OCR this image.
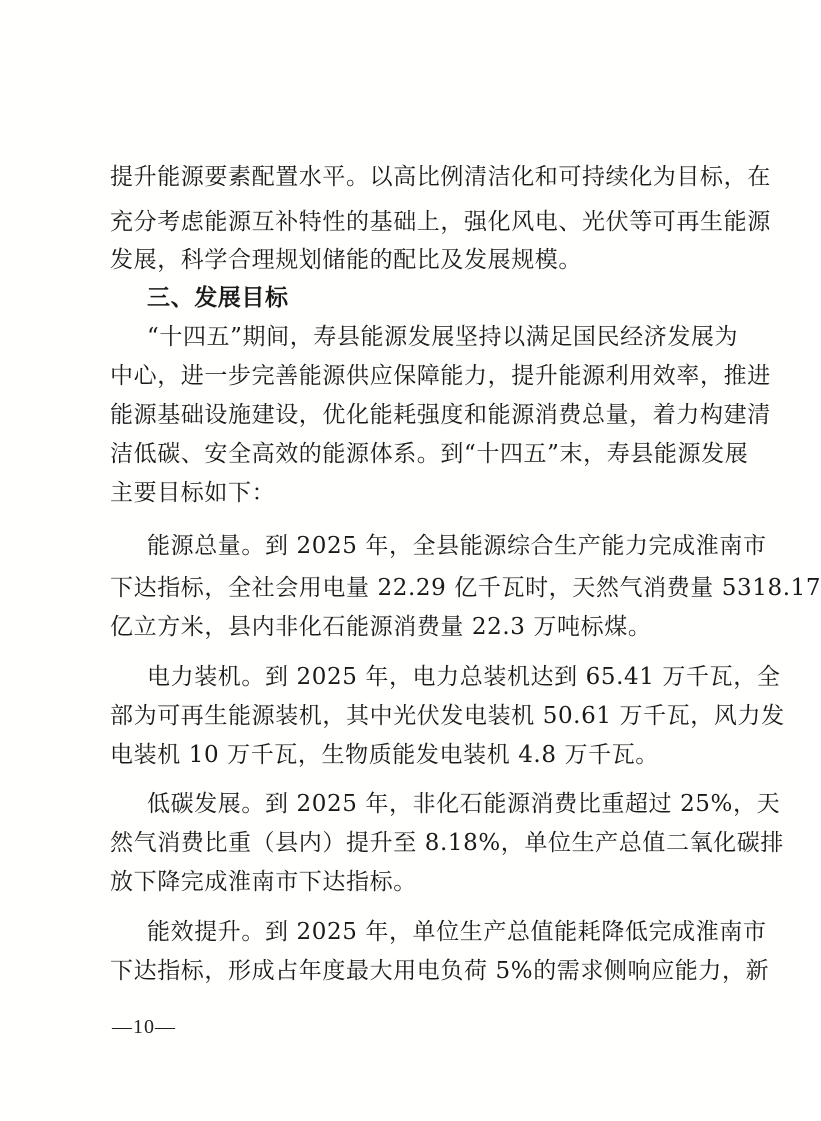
提升能源要素配置水平。以高比例清洁化和可持续化为目标，在
充分考虑能源互补特性的基础上，强化风电、光伏等可再生能源
发展，科学合理规划储能的配比及发展规模。
三、发展目标
“十四五”期间，寿县能源发展坚持以满足国民经济发展为
中心，进一步完善能源供应保障能力，提升能源利用效率，推进
能源基础设施建设，优化能耗强度和能源消费总量，着力构建清
洁低碳、安全高效的能源体系。到“十四五”末，寿县能源发展
主要目标如下：
能源总量。到 2025 年，全县能源综合生产能力完成淮南市
下达指标，全社会用电量 22.29 亿千瓦时，天然气消费量 5318.17
亿立方米，县内非化石能源消费量 22.3 万吨标煤。
电力装机。到 2025 年，电力总装机达到 65.41 万千瓦，全
部为可再生能源装机，其中光伏发电装机 50.61 万千瓦，风力发
电装机 10 万千瓦，生物质能发电装机 4.8 万千瓦。
低碳发展。到 2025 年，非化石能源消费比重超过 25%，天
然气消费比重（县内）提升至 8.18%，单位生产总值二氧化碳排
放下降完成淮南市下达指标。
能效提升。到 2025 年，单位生产总值能耗降低完成淮南市
下达指标，形成占年度最大用电负荷 5%的需求侧响应能力，新
—10—
